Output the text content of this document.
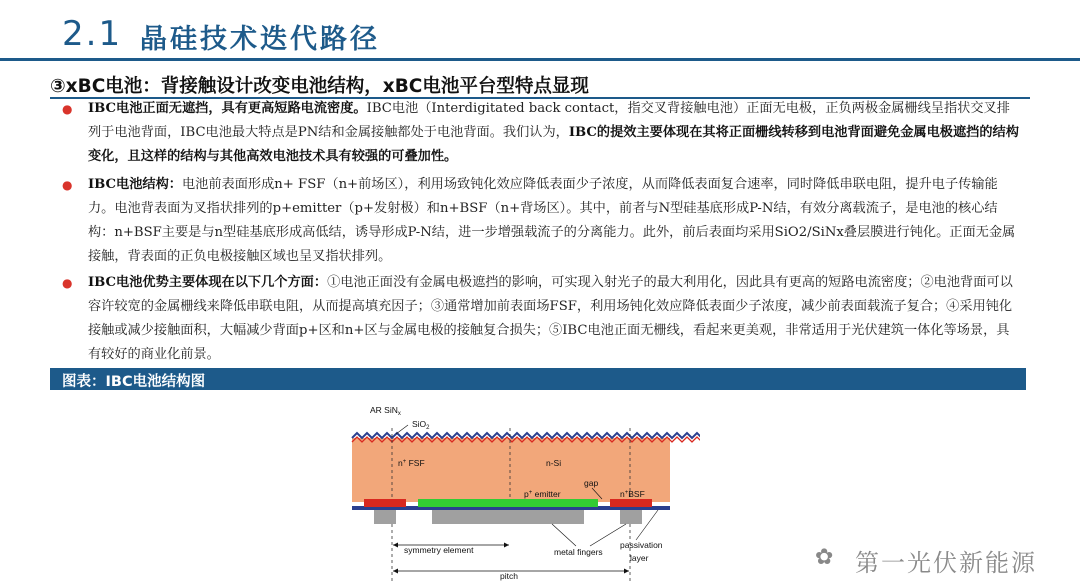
2.1 晶硅技术迭代路径
③xBC电池：背接触设计改变电池结构，xBC电池平台型特点显现
●	IBC电池正面无遮挡，具有更高短路电流密度。IBC电池（Interdigitated back contact，指交叉背接触电池）正面无电极，正负两极金属栅线呈指状交叉排列于电池背面，IBC电池最大特点是PN结和金属接触都处于电池背面。我们认为，IBC的提效主要体现在其将正面栅线转移到电池背面避免金属电极遮挡的结构变化，且这样的结构与其他高效电池技术具有较强的可叠加性。
●	IBC电池结构：电池前表面形成n+ FSF（n+前场区），利用场致钝化效应降低表面少子浓度，从而降低表面复合速率，同时降低串联电阻，提升电子传输能力。电池背表面为叉指状排列的p+emitter（p+发射极）和n+BSF（n+背场区）。其中，前者与N型硅基底形成P-N结，有效分离载流子，是电池的核心结构：n+BSF主要是与n型硅基底形成高低结，诱导形成P-N结，进一步增强载流子的分离能力。此外，前后表面均采用SiO2/SiNx叠层膜进行钝化。正面无金属接触，背表面的正负电极接触区域也呈叉指状排列。
●	IBC电池优势主要体现在以下几个方面：①电池正面没有金属电极遮挡的影响，可实现入射光子的最大利用化，因此具有更高的短路电流密度；②电池背面可以容许较宽的金属栅线来降低串联电阻，从而提高填充因子；③通常增加前表面场FSF，利用场钝化效应降低表面少子浓度，减少前表面载流子复合；④采用钝化接触或减少接触面积，大幅减少背面p+区和n+区与金属电极的接触复合损失；⑤IBC电池正面无栅线，看起来更美观，非常适用于光伏建筑一体化等场景，具有较好的商业化前景。
图表：IBC电池结构图
AR SiN$_x$
SiO$_2$
n+ FSF	n-Si
gap
p+ emitter	n+BSF
symmetry element	metal fingers
passivation
layer
pitch
✿ 第一光伏新能源
